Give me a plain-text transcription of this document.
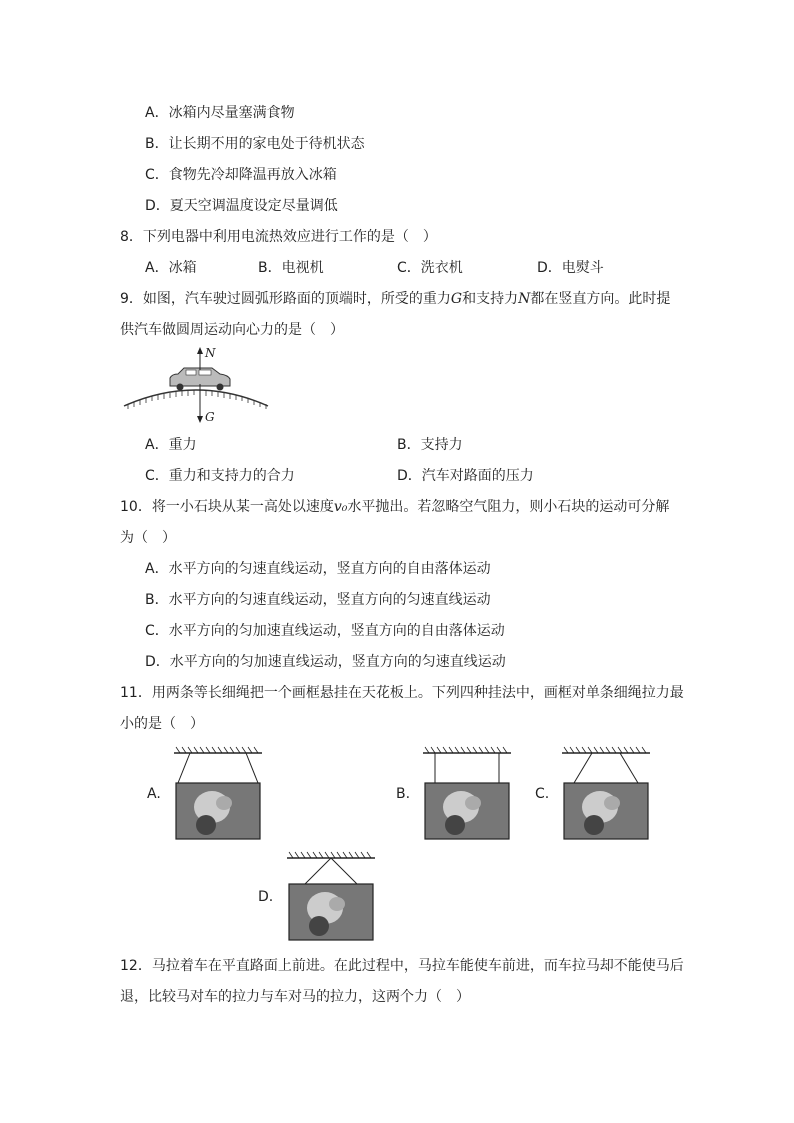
A．冰箱内尽量塞满食物
B．让长期不用的家电处于待机状态
C．食物先冷却降温再放入冰箱
D．夏天空调温度设定尽量调低
8．下列电器中利用电流热效应进行工作的是（　）
A．冰箱	B．电视机	C．洗衣机	D．电熨斗
9．如图，汽车驶过圆弧形路面的顶端时，所受的重力G和支持力N都在竖直方向。此时提
供汽车做圆周运动向心力的是（　）
N
G
A．重力	B．支持力
C．重力和支持力的合力	D．汽车对路面的压力
10．将一小石块从某一高处以速度v₀水平抛出。若忽略空气阻力，则小石块的运动可分解
为（　）
A．水平方向的匀速直线运动，竖直方向的自由落体运动
B．水平方向的匀速直线运动，竖直方向的匀速直线运动
C．水平方向的匀加速直线运动，竖直方向的自由落体运动
D．水平方向的匀加速直线运动，竖直方向的匀速直线运动
11．用两条等长细绳把一个画框悬挂在天花板上。下列四种挂法中，画框对单条细绳拉力最
小的是（　）
A.	B.	C.
D.
12．马拉着车在平直路面上前进。在此过程中，马拉车能使车前进，而车拉马却不能使马后
退，比较马对车的拉力与车对马的拉力，这两个力（　）
